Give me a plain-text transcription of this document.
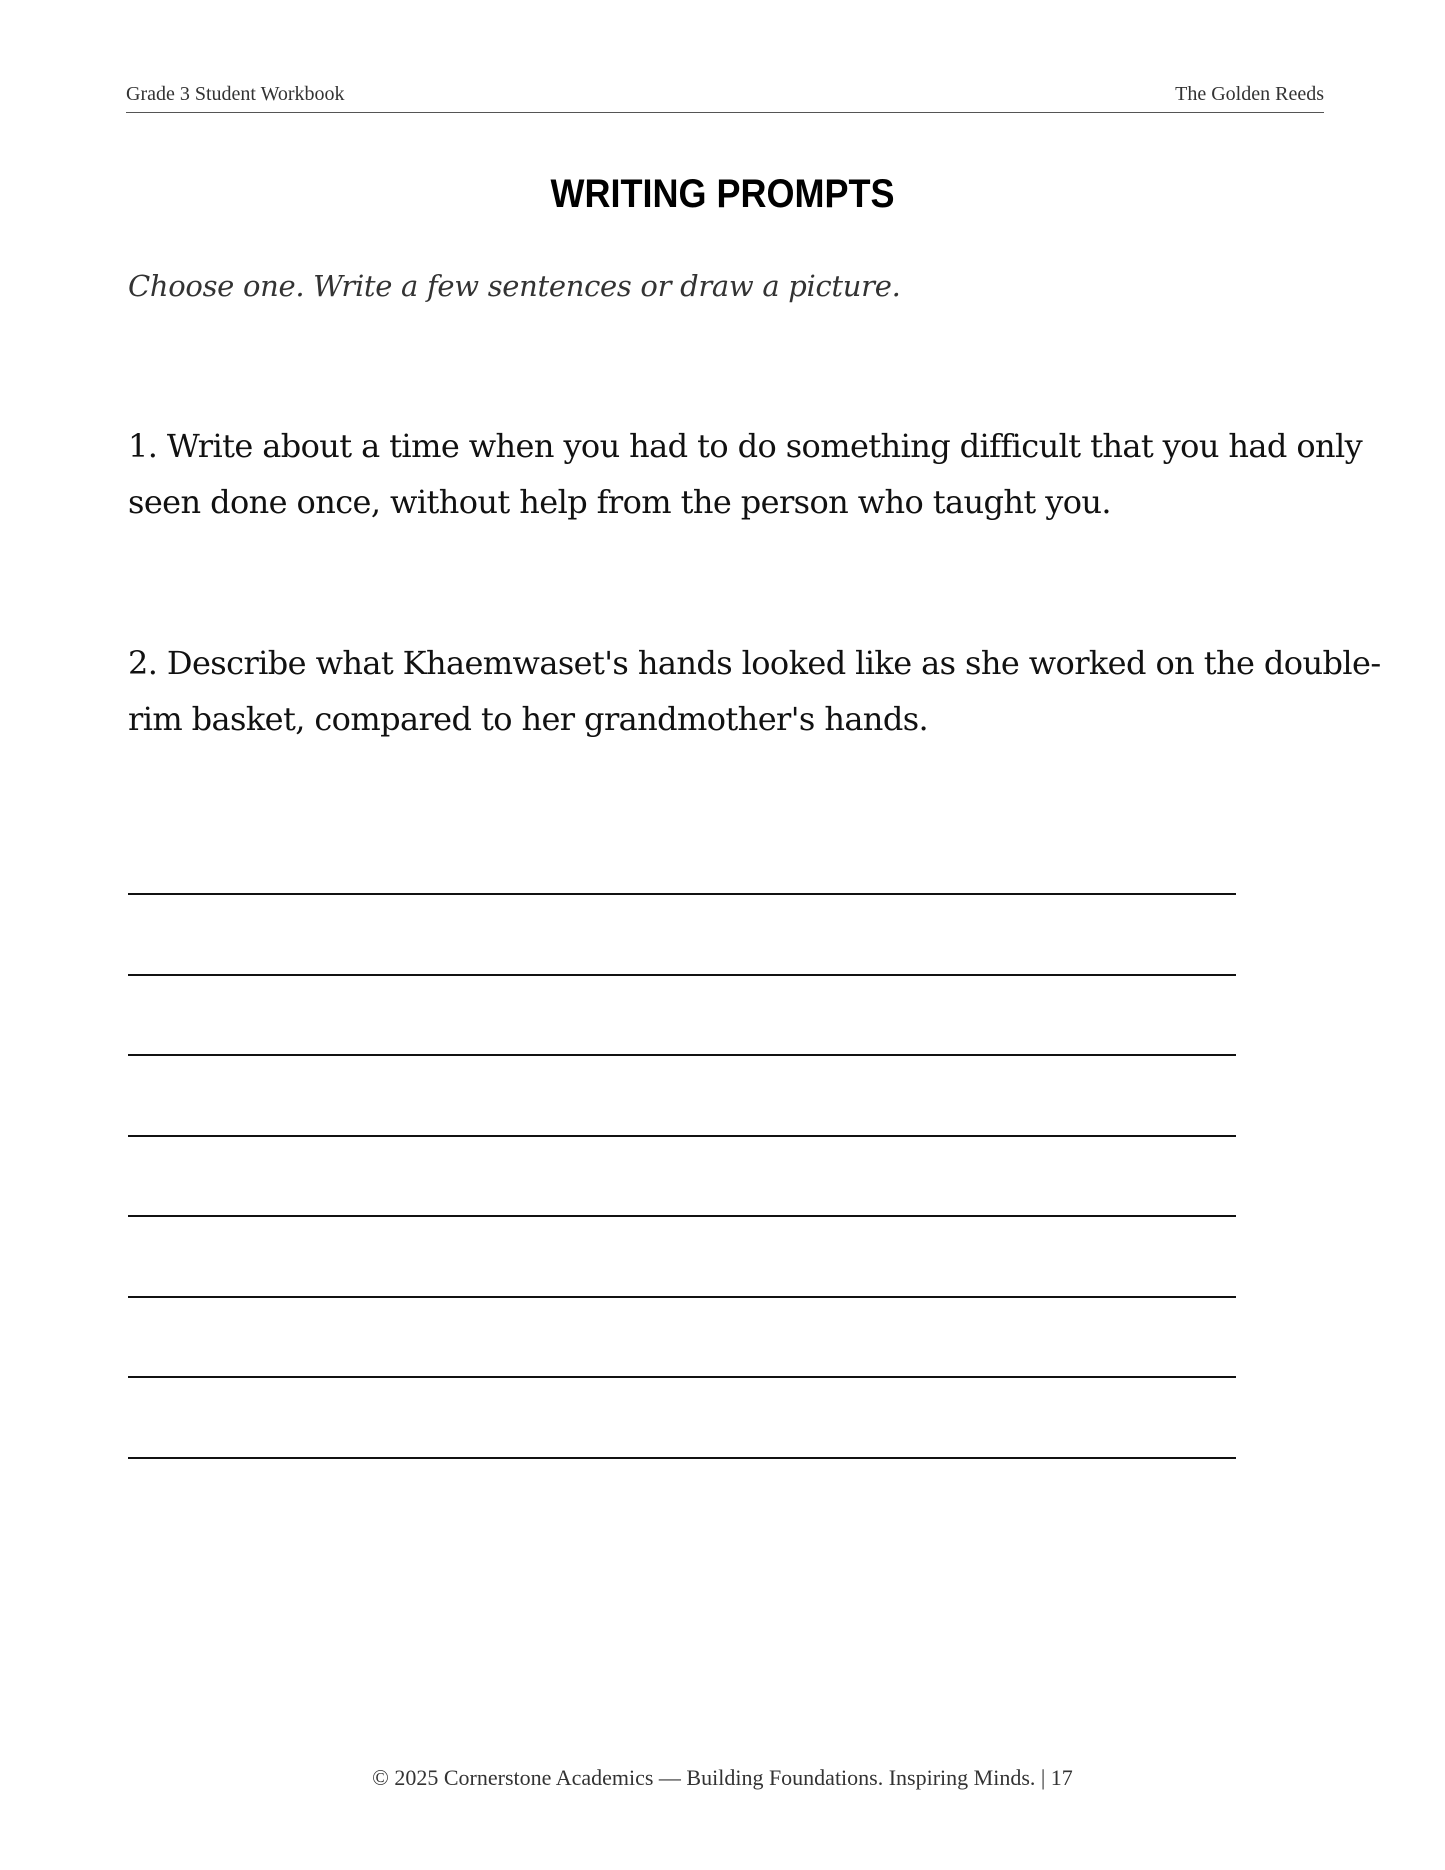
Grade 3 Student Workbook	The Golden Reeds
WRITING PROMPTS

Choose one. Write a few sentences or draw a picture.

1. Write about a time when you had to do something difficult that you had only
seen done once, without help from the person who taught you.

2. Describe what Khaemwaset's hands looked like as she worked on the double-
rim basket, compared to her grandmother's hands.

© 2025 Cornerstone Academics — Building Foundations. Inspiring Minds. | 17
